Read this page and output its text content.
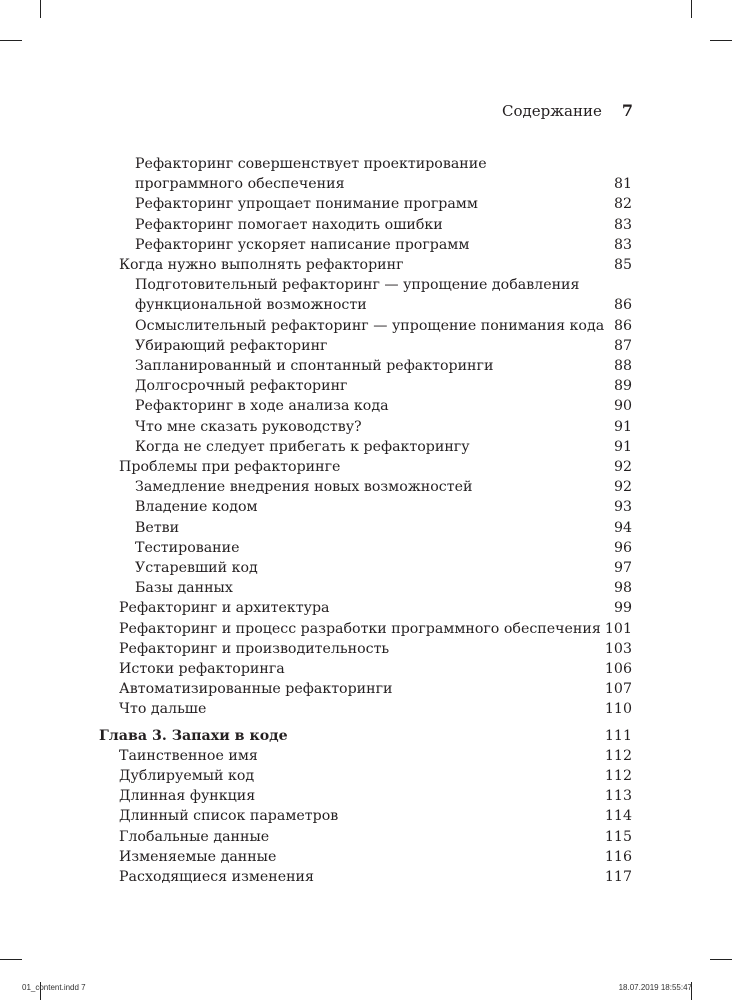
Содержание 7
Рефакторинг совершенствует проектирование
программного обеспечения	81
Рефакторинг упрощает понимание программ	82
Рефакторинг помогает находить ошибки	83
Рефакторинг ускоряет написание программ	83
Когда нужно выполнять рефакторинг	85
Подготовительный рефакторинг — упрощение добавления
функциональной возможности	86
Осмыслительный рефакторинг — упрощение понимания кода 86
Убирающий рефакторинг	87
Запланированный и спонтанный рефакторинги	88
Долгосрочный рефакторинг	89
Рефакторинг в ходе анализа кода	90
Что мне сказать руководству?	91
Когда не следует прибегать к рефакторингу	91
Проблемы при рефакторинге	92
Замедление внедрения новых возможностей	92
Владение кодом	93
Ветви	94
Тестирование	96
Устаревший код	97
Базы данных	98
Рефакторинг и архитектура	99
Рефакторинг и процесс разработки программного обеспечения 101
Рефакторинг и производительность	103
Истоки рефакторинга	106
Автоматизированные рефакторинги	107
Что дальше	110
Глава 3. Запахи в коде	111
Таинственное имя	112
Дублируемый код	112
Длинная функция	113
Длинный список параметров	114
Глобальные данные	115
Изменяемые данные	116
Расходящиеся изменения	117
01_content.indd 7	18.07.2019 18:55:47
